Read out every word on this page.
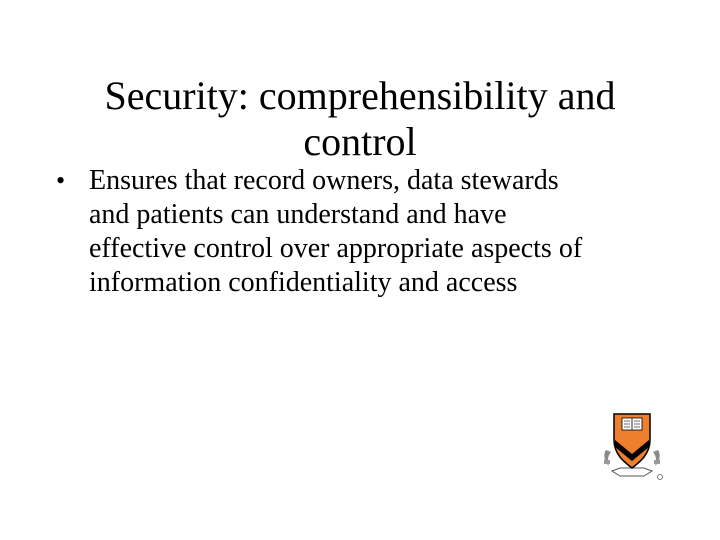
Security: comprehensibility and
control
• Ensures that record owners, data stewards
and patients can understand and have
effective control over appropriate aspects of
information confidentiality and access
